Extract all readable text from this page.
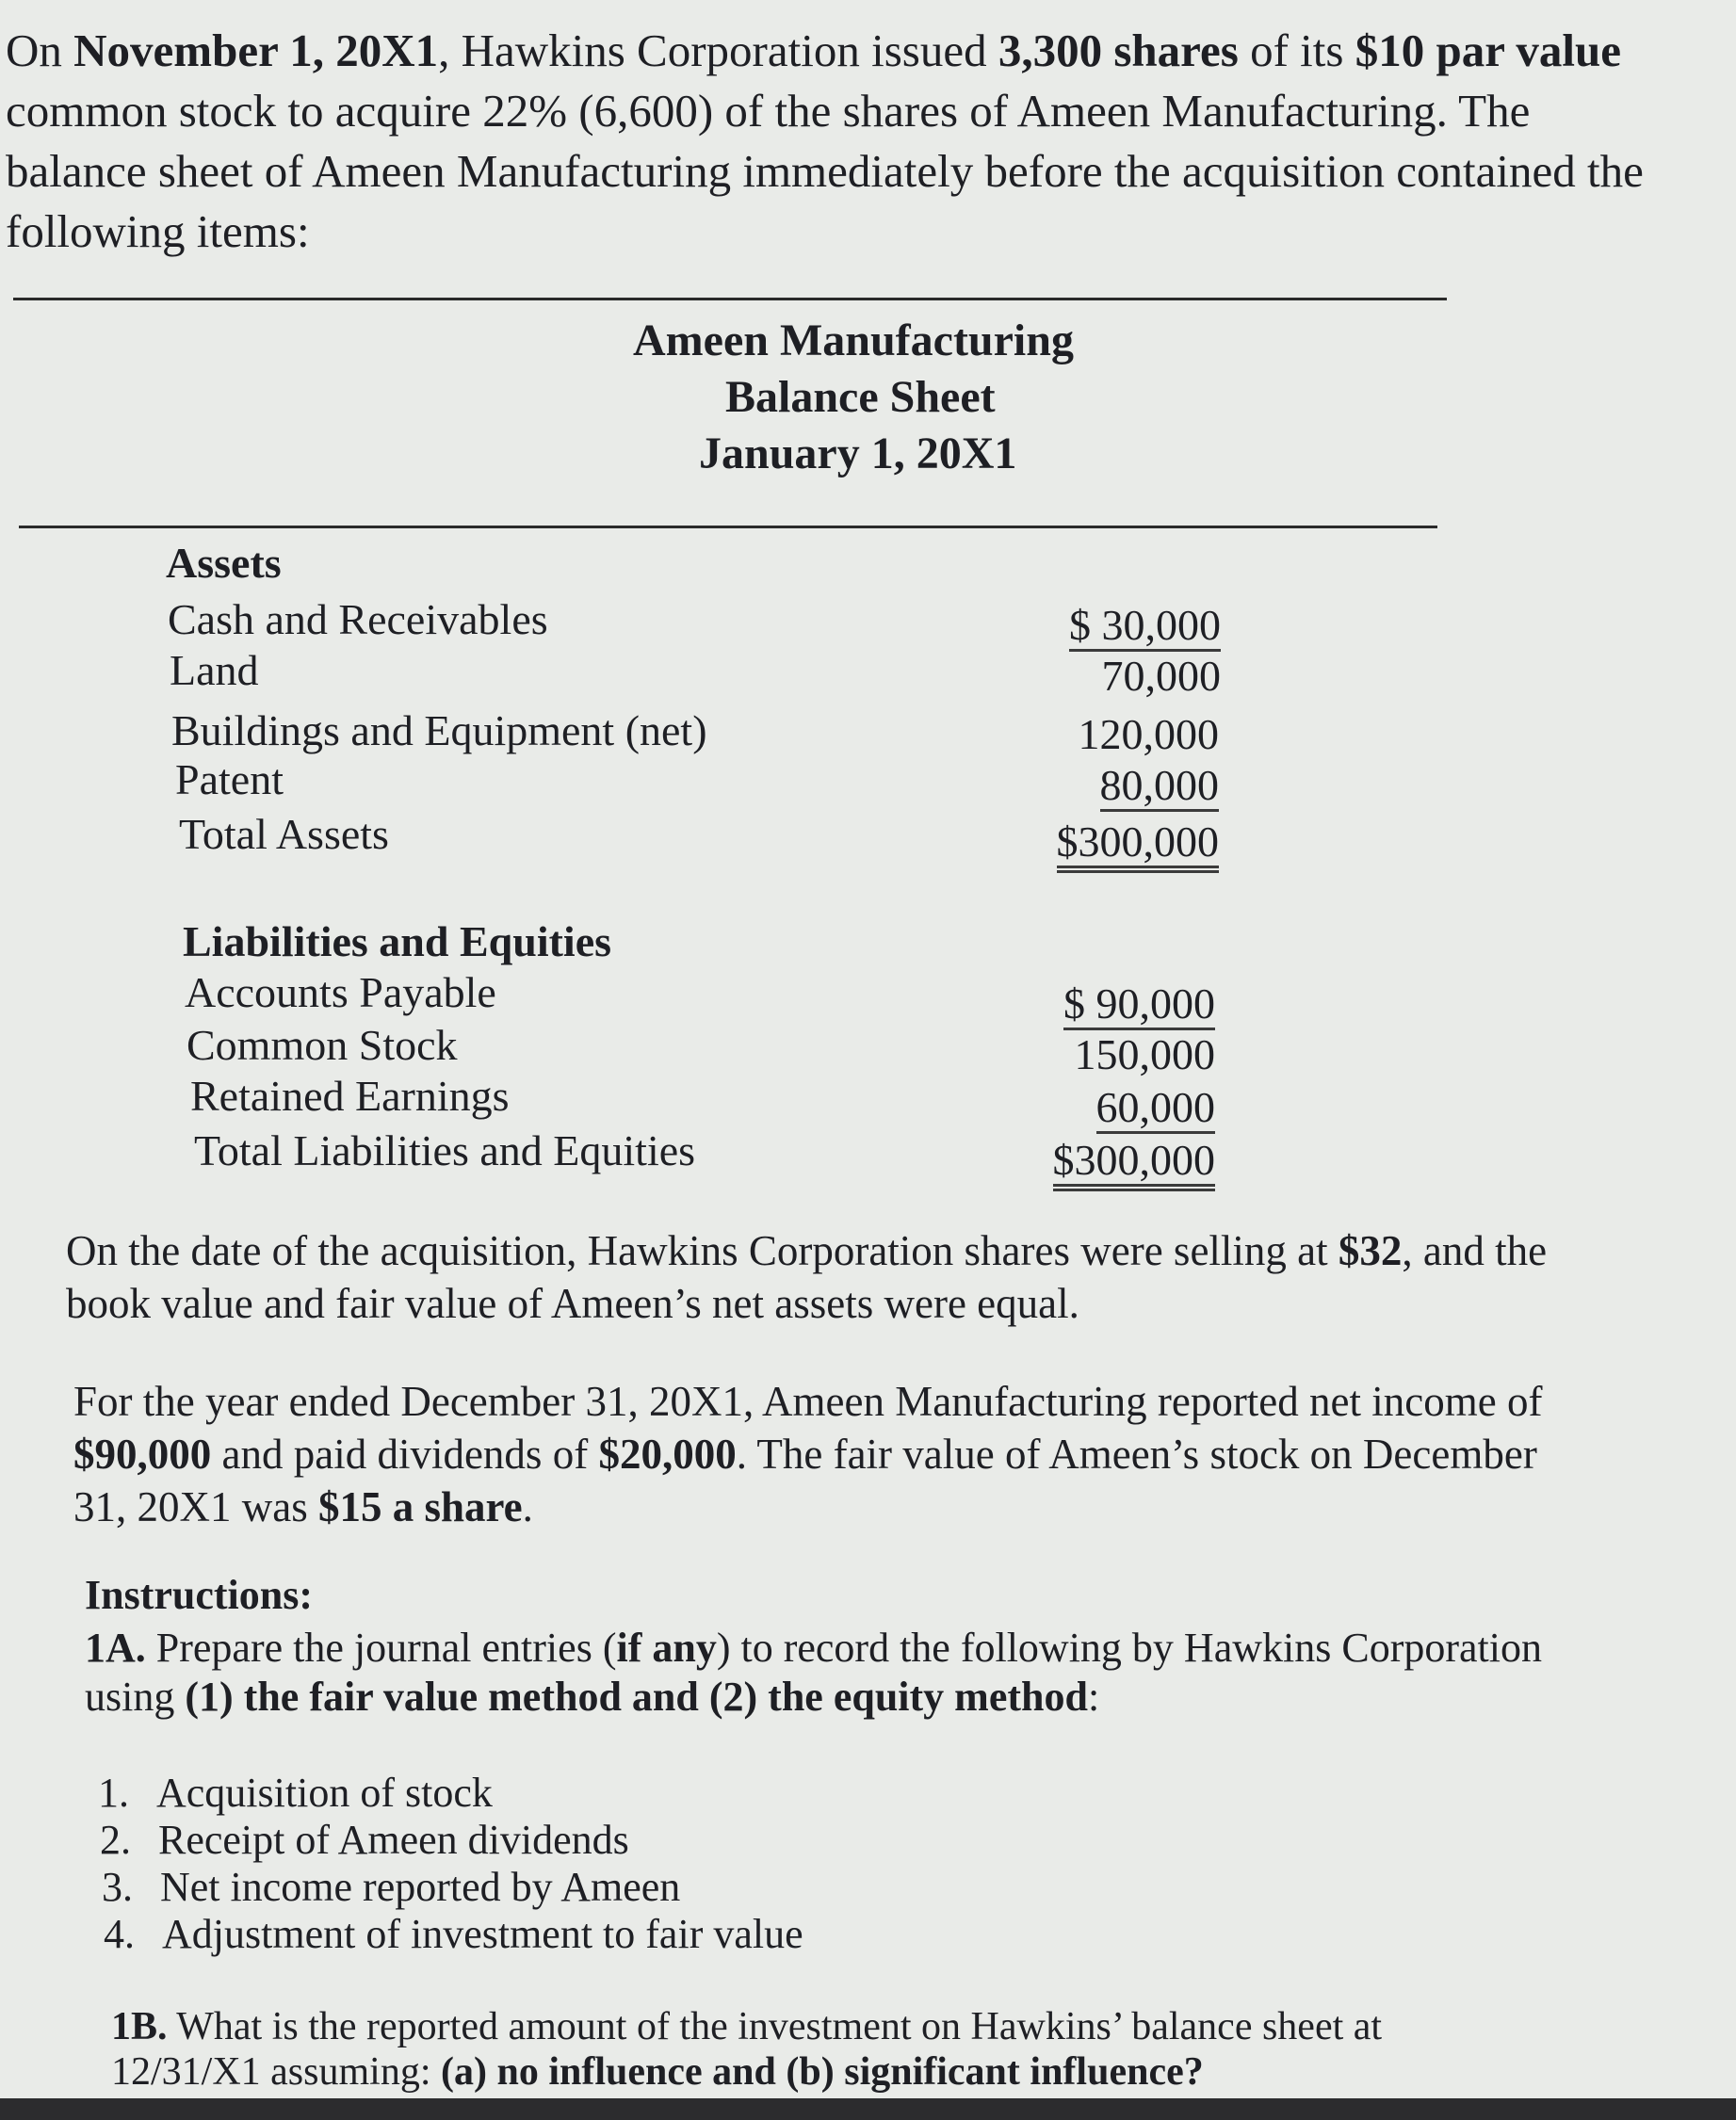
On November 1, 20X1, Hawkins Corporation issued 3,300 shares of its $10 par value
common stock to acquire 22% (6,600) of the shares of Ameen Manufacturing. The
balance sheet of Ameen Manufacturing immediately before the acquisition contained the
following items:
Ameen Manufacturing
Balance Sheet
January 1, 20X1
Assets
Cash and Receivables	$ 30,000
Land	70,000
Buildings and Equipment (net)	120,000
Patent	80,000
Total Assets	$300,000
Liabilities and Equities
Accounts Payable	$ 90,000
Common Stock	150,000
Retained Earnings	60,000
Total Liabilities and Equities	$300,000
On the date of the acquisition, Hawkins Corporation shares were selling at $32, and the
book value and fair value of Ameen’s net assets were equal.
For the year ended December 31, 20X1, Ameen Manufacturing reported net income of
$90,000 and paid dividends of $20,000. The fair value of Ameen’s stock on December
31, 20X1 was $15 a share.
Instructions:
1A. Prepare the journal entries (if any) to record the following by Hawkins Corporation
using (1) the fair value method and (2) the equity method:
1. Acquisition of stock
2. Receipt of Ameen dividends
3. Net income reported by Ameen
4. Adjustment of investment to fair value
1B. What is the reported amount of the investment on Hawkins’ balance sheet at
12/31/X1 assuming: (a) no influence and (b) significant influence?
